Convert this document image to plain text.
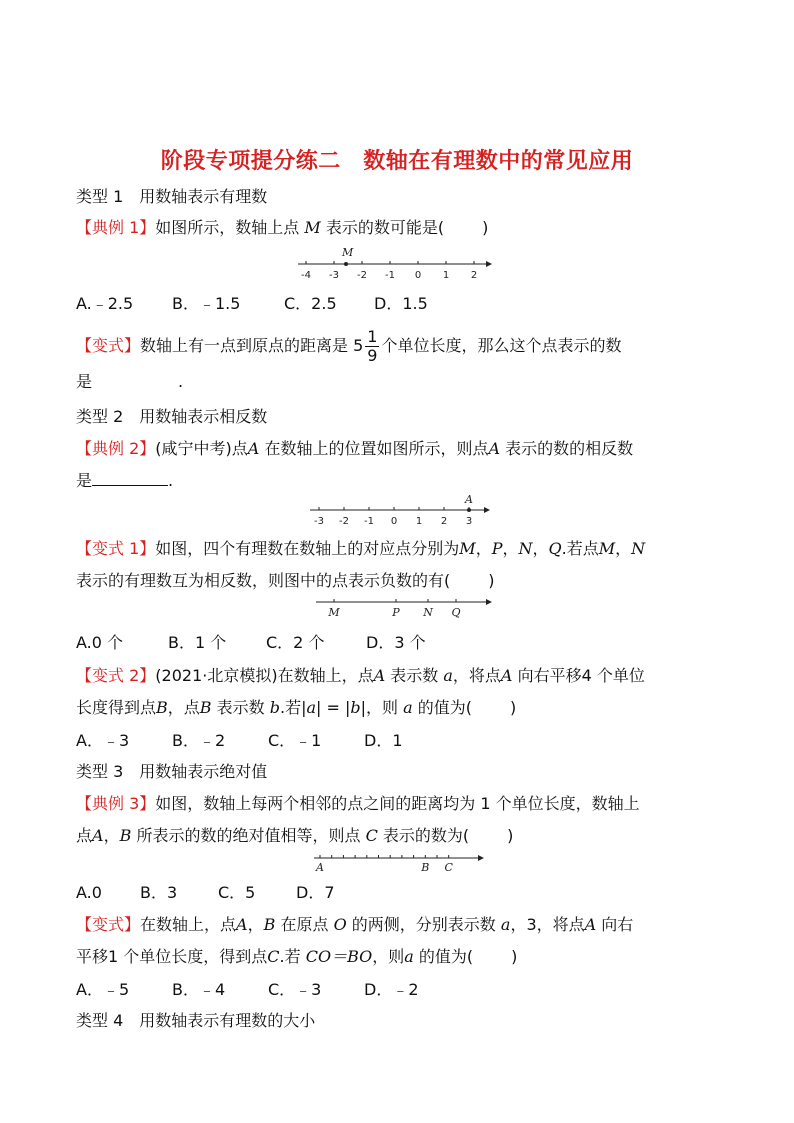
阶段专项提分练二　数轴在有理数中的常见应用
类型 1　用数轴表示有理数
【典例 1】如图所示，数轴上点 M 表示的数可能是( )
-4 -3 -2 -1 0 1 2
M
A.﹣2.5 B．﹣1.5	C．2.5 D．1.5
【变式】数轴上有一点到原点的距离是 $5 \frac{1}{9}$ 个单位长度，那么这个点表示的数
是	.
类型 2　用数轴表示相反数
【典例 2】(咸宁中考)点A 在数轴上的位置如图所示，则点A 表示的数的相反数
是	.
-3 -2 -1 0 1 2 3
A
【变式 1】如图，四个有理数在数轴上的对应点分别为M，P，N，Q.若点M，N
表示的有理数互为相反数，则图中的点表示负数的有( )
M	P N Q
A.0 个	B．1 个 C．2 个	D．3 个
【变式 2】(2021·北京模拟)在数轴上，点A 表示数 a，将点A 向右平移4 个单位
长度得到点B，点B 表示数 b.若|a| = |b|，则 a 的值为( )
A．﹣3	B．﹣2	C．﹣1	D．1
类型 3　用数轴表示绝对值
【典例 3】如图，数轴上每两个相邻的点之间的距离均为 1 个单位长度，数轴上
点A，B 所表示的数的绝对值相等，则点 C 表示的数为( )
A	B C
A.0 B．3	C．5	D．7
【变式】在数轴上，点A，B 在原点 O 的两侧，分别表示数 a，3，将点A 向右
平移1 个单位长度，得到点C.若 CO＝BO，则a 的值为( )
A．﹣5	B．﹣4	C．﹣3	D．﹣2
类型 4　用数轴表示有理数的大小
